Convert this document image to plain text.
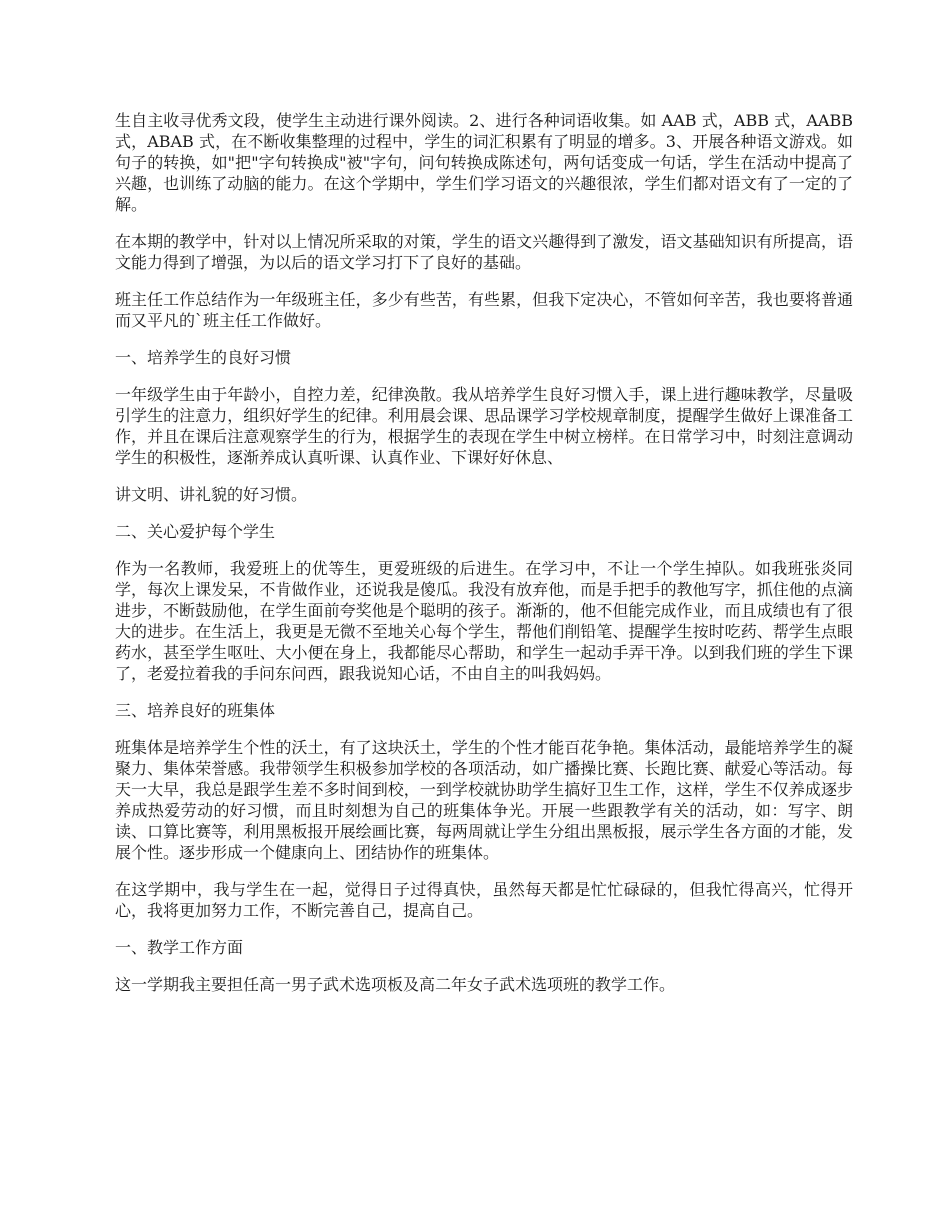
生自主收寻优秀文段，使学生主动进行课外阅读。2、进行各种词语收集。如 AAB 式，ABB 式，AABB 式，ABAB 式，在不断收集整理的过程中，学生的词汇积累有了明显的增多。3、开展各种语文游戏。如句子的转换，如"把"字句转换成"被"字句，问句转换成陈述句，两句话变成一句话，学生在活动中提高了兴趣，也训练了动脑的能力。在这个学期中，学生们学习语文的兴趣很浓，学生们都对语文有了一定的了解。

在本期的教学中，针对以上情况所采取的对策，学生的语文兴趣得到了激发，语文基础知识有所提高，语文能力得到了增强，为以后的语文学习打下了良好的基础。

班主任工作总结作为一年级班主任，多少有些苦，有些累，但我下定决心，不管如何辛苦，我也要将普通而又平凡的`班主任工作做好。

一、培养学生的良好习惯

一年级学生由于年龄小，自控力差，纪律涣散。我从培养学生良好习惯入手，课上进行趣味教学，尽量吸引学生的注意力，组织好学生的纪律。利用晨会课、思品课学习学校规章制度，提醒学生做好上课准备工作，并且在课后注意观察学生的行为，根据学生的表现在学生中树立榜样。在日常学习中，时刻注意调动学生的积极性，逐渐养成认真听课、认真作业、下课好好休息、

讲文明、讲礼貌的好习惯。

二、关心爱护每个学生

作为一名教师，我爱班上的优等生，更爱班级的后进生。在学习中，不让一个学生掉队。如我班张炎同学，每次上课发呆，不肯做作业，还说我是傻瓜。我没有放弃他，而是手把手的教他写字，抓住他的点滴进步，不断鼓励他，在学生面前夸奖他是个聪明的孩子。渐渐的，他不但能完成作业，而且成绩也有了很大的进步。在生活上，我更是无微不至地关心每个学生，帮他们削铅笔、提醒学生按时吃药、帮学生点眼药水，甚至学生呕吐、大小便在身上，我都能尽心帮助，和学生一起动手弄干净。以到我们班的学生下课了，老爱拉着我的手问东问西，跟我说知心话，不由自主的叫我妈妈。

三、培养良好的班集体

班集体是培养学生个性的沃土，有了这块沃土，学生的个性才能百花争艳。集体活动，最能培养学生的凝聚力、集体荣誉感。我带领学生积极参加学校的各项活动，如广播操比赛、长跑比赛、献爱心等活动。每天一大早，我总是跟学生差不多时间到校，一到学校就协助学生搞好卫生工作，这样，学生不仅养成逐步养成热爱劳动的好习惯，而且时刻想为自己的班集体争光。开展一些跟教学有关的活动，如：写字、朗读、口算比赛等，利用黑板报开展绘画比赛，每两周就让学生分组出黑板报，展示学生各方面的才能，发展个性。逐步形成一个健康向上、团结协作的班集体。

在这学期中，我与学生在一起，觉得日子过得真快，虽然每天都是忙忙碌碌的，但我忙得高兴，忙得开心，我将更加努力工作，不断完善自己，提高自己。

一、教学工作方面

这一学期我主要担任高一男子武术选项板及高二年女子武术选项班的教学工作。
